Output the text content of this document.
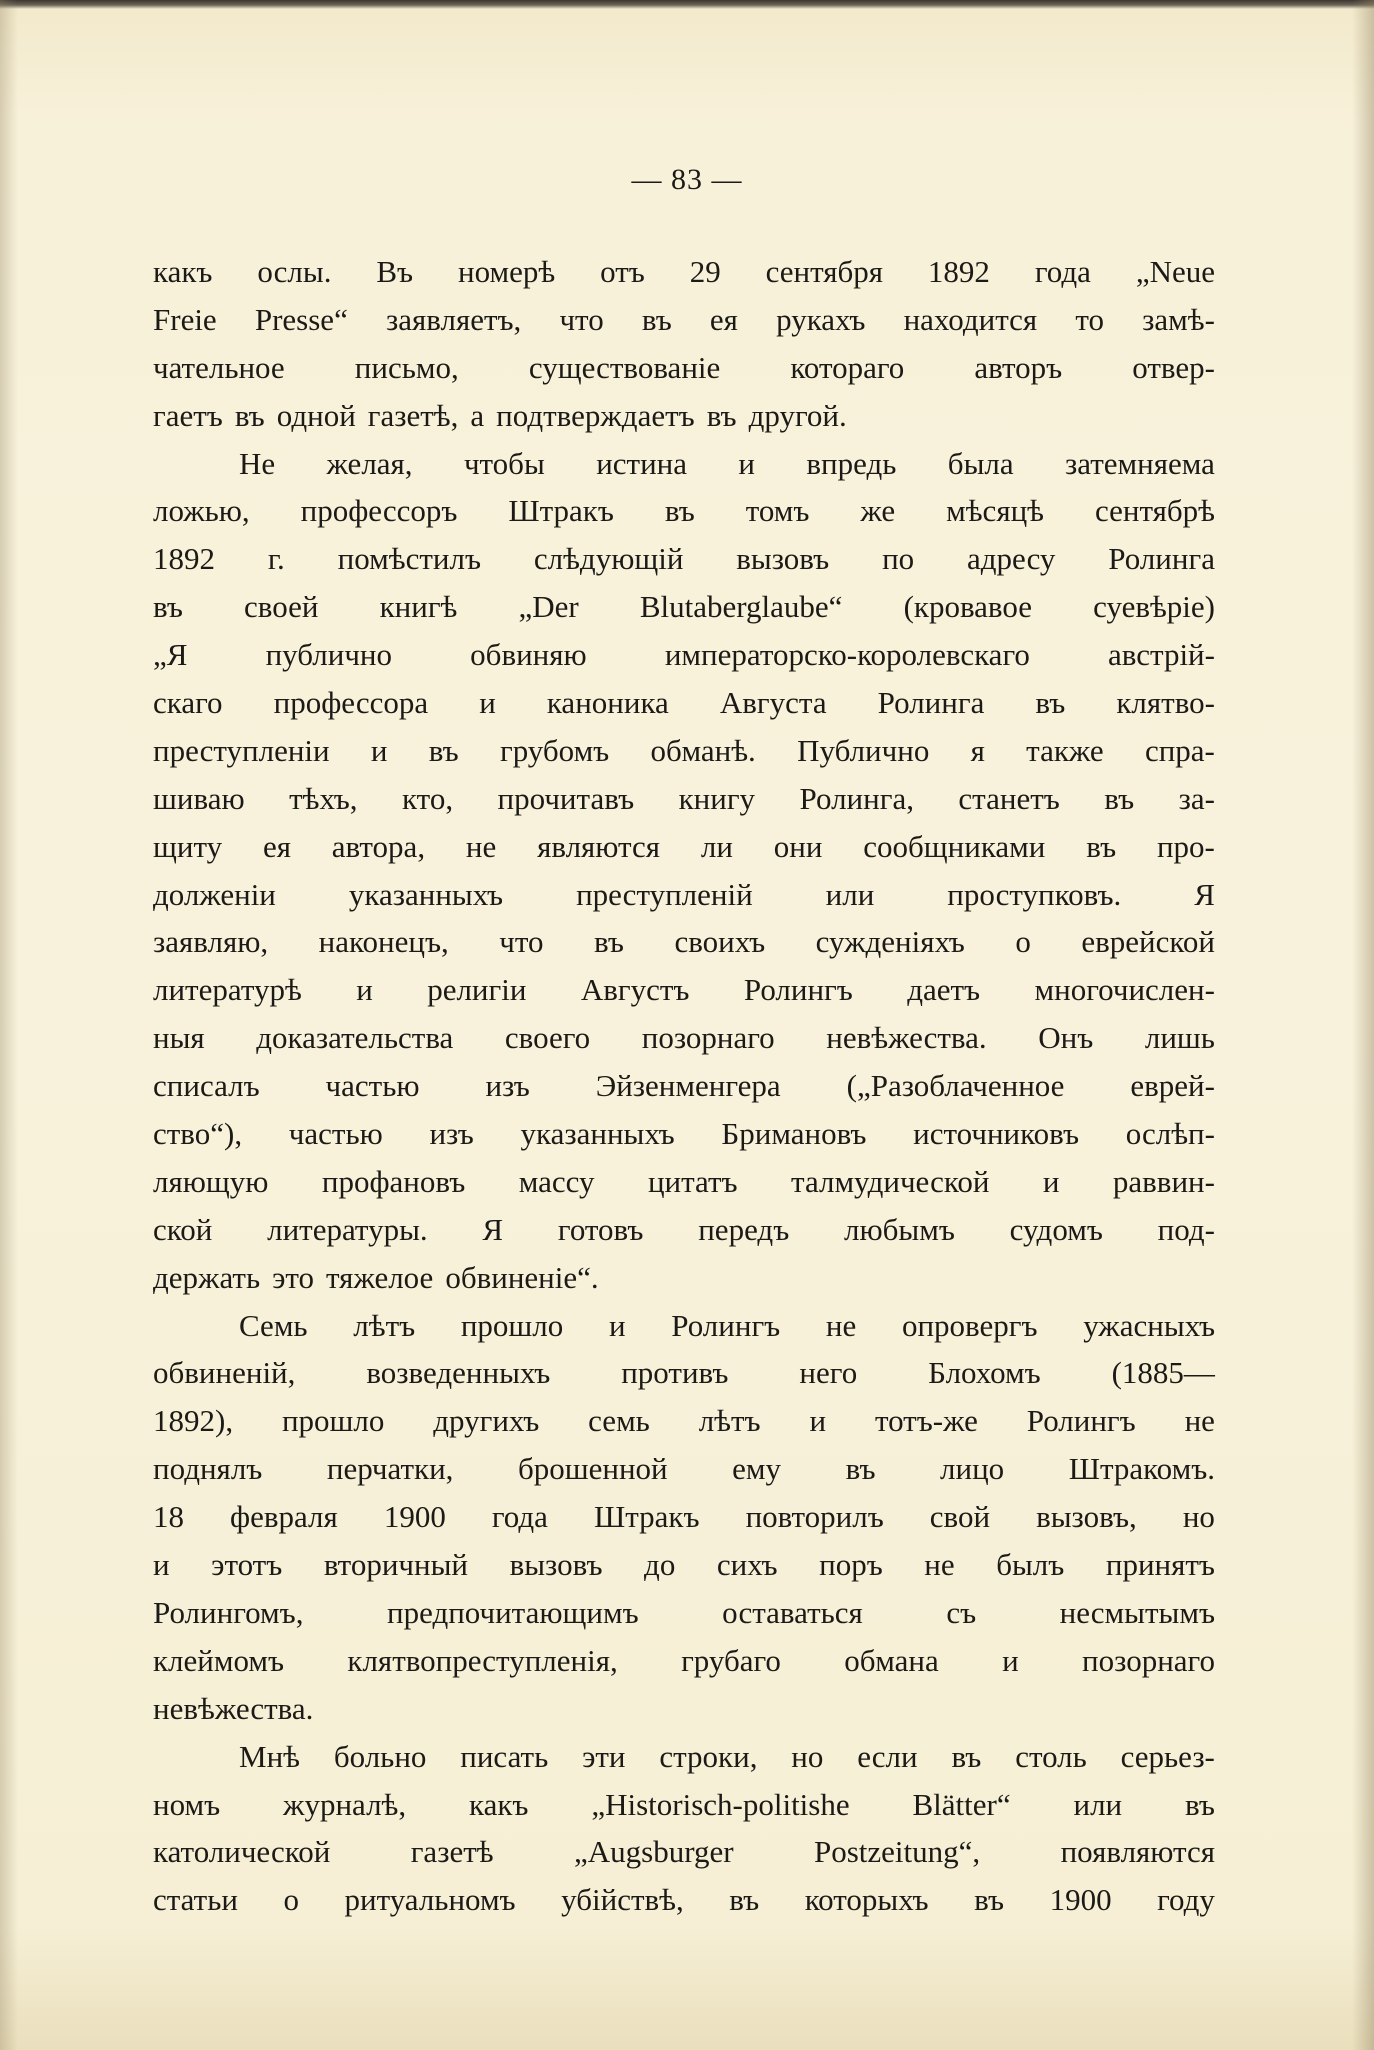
— 83 —
какъ ослы. Въ номерѣ отъ 29 сентября 1892 года „Neue
Freie Presse“ заявляетъ, что въ ея рукахъ находится то замѣ-
чательное письмо, существованіе котораго авторъ отвер-
гаетъ въ одной газетѣ, а подтверждаетъ въ другой.
Не желая, чтобы истина и впредь была затемняема
ложью, профессоръ Штракъ въ томъ же мѣсяцѣ сентябрѣ
1892 г. помѣстилъ слѣдующій вызовъ по адресу Ролинга
въ своей книгѣ „Der Blutaberglaube“ (кровавое суевѣріе)
„Я	публично	обвиняю	императорско-королевскаго	австрій-
скаго профессора и каноника Августа Ролинга въ клятво-
преступленіи и въ грубомъ обманѣ. Публично я также спра-
шиваю тѣхъ, кто, прочитавъ книгу Ролинга, станетъ въ за-
щиту ея автора, не являются ли они сообщниками въ про-
долженіи указанныхъ преступленій или проступковъ. Я
заявляю, наконецъ, что въ своихъ сужденіяхъ о еврейской
литературѣ и религіи Августъ Ролингъ даетъ многочислен-
ныя доказательства своего позорнаго невѣжества. Онъ лишь
списалъ частью изъ Эйзенменгера („Разоблаченное еврей-
ство“), частью изъ указанныхъ Бримановъ источниковъ ослѣп-
ляющую профановъ массу цитатъ талмудической и раввин-
ской литературы. Я готовъ передъ любымъ судомъ под-
держать это тяжелое обвиненіе“.
Семь лѣтъ прошло и Ролингъ не опровергъ ужасныхъ
обвиненій, возведенныхъ противъ него Блохомъ (1885—
1892), прошло другихъ семь лѣтъ и тотъ-же Ролингъ не
поднялъ перчатки, брошенной ему въ лицо Штракомъ.
18 февраля 1900 года Штракъ повторилъ свой вызовъ, но
и этотъ вторичный вызовъ до сихъ поръ не былъ принятъ
Ролингомъ,	предпочитающимъ	оставаться	съ	несмытымъ
клеймомъ клятвопреступленія, грубаго обмана и позорнаго
невѣжества.
Мнѣ больно писать эти строки, но если въ столь серьез-
номъ журналѣ, какъ „Historisch-politishe Blätter“ или въ
католической	газетѣ	„Augsburger	Postzeitung“,	появляются
статьи о ритуальномъ убійствѣ, въ которыхъ въ 1900 году
